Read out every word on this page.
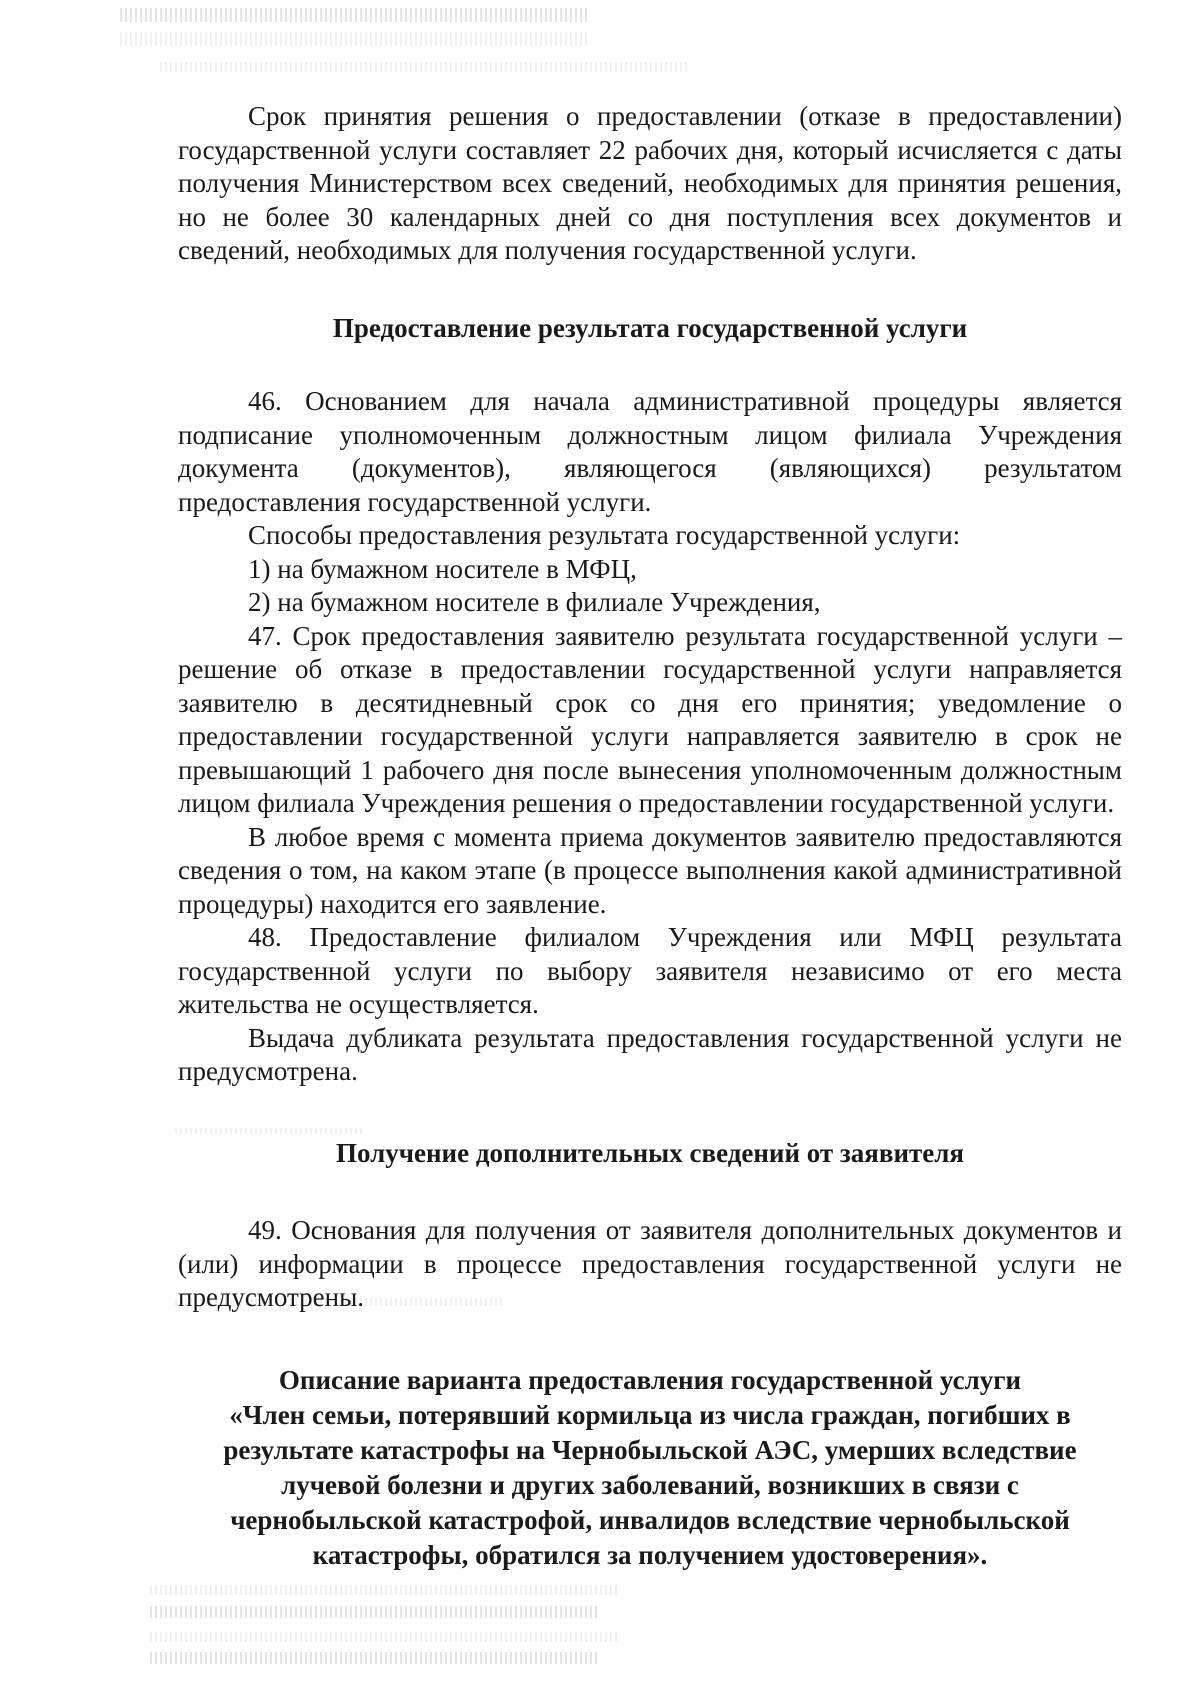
Срок принятия решения о предоставлении (отказе в предоставлении) государственной услуги составляет 22 рабочих дня, который исчисляется с даты получения Министерством всех сведений, необходимых для принятия решения, но не более 30 календарных дней со дня поступления всех документов и сведений, необходимых для получения государственной услуги.

Предоставление результата государственной услуги

46. Основанием для начала административной процедуры является подписание уполномоченным должностным лицом филиала Учреждения документа (документов), являющегося (являющихся) результатом предоставления государственной услуги.

Способы предоставления результата государственной услуги:

1) на бумажном носителе в МФЦ,

2) на бумажном носителе в филиале Учреждения,

47. Срок предоставления заявителю результата государственной услуги – решение об отказе в предоставлении государственной услуги направляется заявителю в десятидневный срок со дня его принятия; уведомление о предоставлении государственной услуги направляется заявителю в срок не превышающий 1 рабочего дня после вынесения уполномоченным должностным лицом филиала Учреждения решения о предоставлении государственной услуги.

В любое время с момента приема документов заявителю предоставляются сведения о том, на каком этапе (в процессе выполнения какой административной процедуры) находится его заявление.

48. Предоставление филиалом Учреждения или МФЦ результата государственной услуги по выбору заявителя независимо от его места жительства не осуществляется.

Выдача дубликата результата предоставления государственной услуги не предусмотрена.

Получение дополнительных сведений от заявителя

49. Основания для получения от заявителя дополнительных документов и (или) информации в процессе предоставления государственной услуги не предусмотрены.

Описание варианта предоставления государственной услуги
«Член семьи, потерявший кормильца из числа граждан, погибших в
результате катастрофы на Чернобыльской АЭС, умерших вследствие
лучевой болезни и других заболеваний, возникших в связи с
чернобыльской катастрофой, инвалидов вследствие чернобыльской
катастрофы, обратился за получением удостоверения».
